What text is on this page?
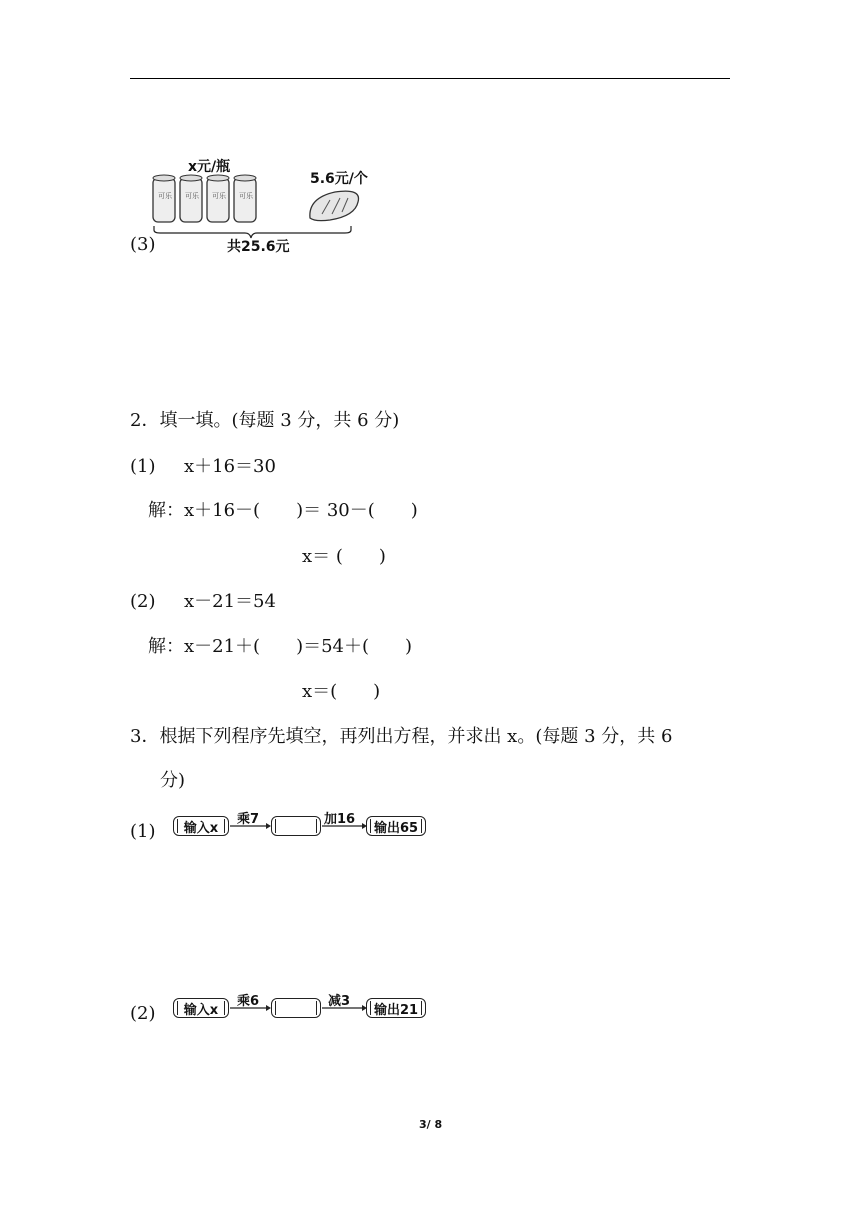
(3)
x元/瓶
5.6元/个
可乐 可乐 可乐 可乐
共25.6元
2．填一填。(每题 3 分，共 6 分)
(1) x＋16＝30
解：x＋16－(　　)＝ 30－(　　)
x＝ (　　)
(2) x－21＝54
解：x－21＋(　　)＝54＋(　　)
x＝(　　)
3．根据下列程序先填空，再列出方程，并求出 x。(每题 3 分，共 6
分)
(1) 输入x
乘7	加16
输出65
(2) 输入x
乘6	减3
输出21
3/ 8
